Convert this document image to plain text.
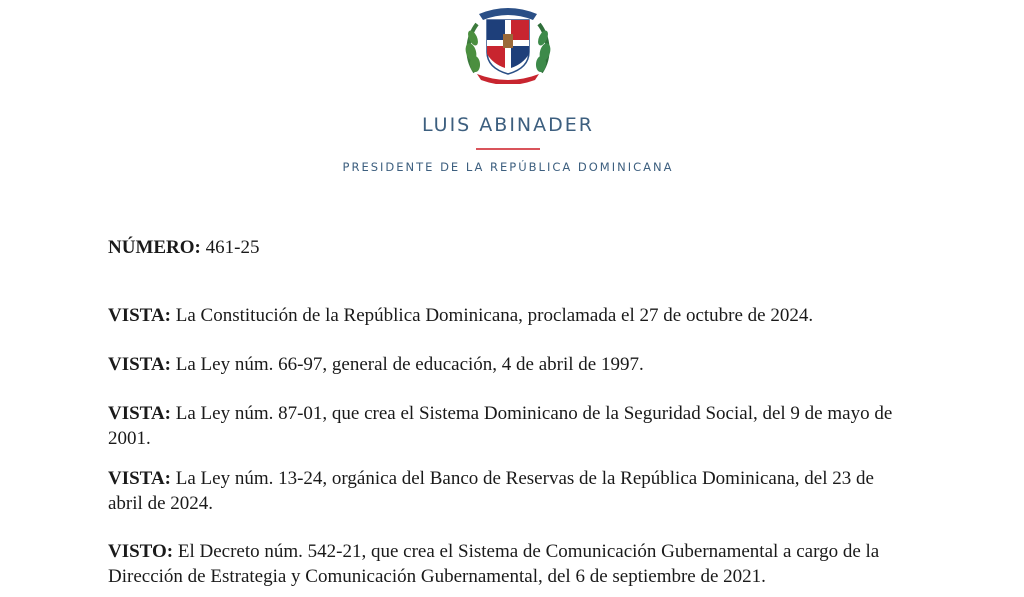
LUIS ABINADER
PRESIDENTE DE LA REPÚBLICA DOMINICANA
NÚMERO: 461-25
VISTA: La Constitución de la República Dominicana, proclamada el 27 de octubre de 2024.
VISTA: La Ley núm. 66-97, general de educación, 4 de abril de 1997.
VISTA: La Ley núm. 87-01, que crea el Sistema Dominicano de la Seguridad Social, del 9 de mayo de 2001.
VISTA: La Ley núm. 13-24, orgánica del Banco de Reservas de la República Dominicana, del 23 de abril de 2024.
VISTO: El Decreto núm. 542-21, que crea el Sistema de Comunicación Gubernamental a cargo de la Dirección de Estrategia y Comunicación Gubernamental, del 6 de septiembre de 2021.
